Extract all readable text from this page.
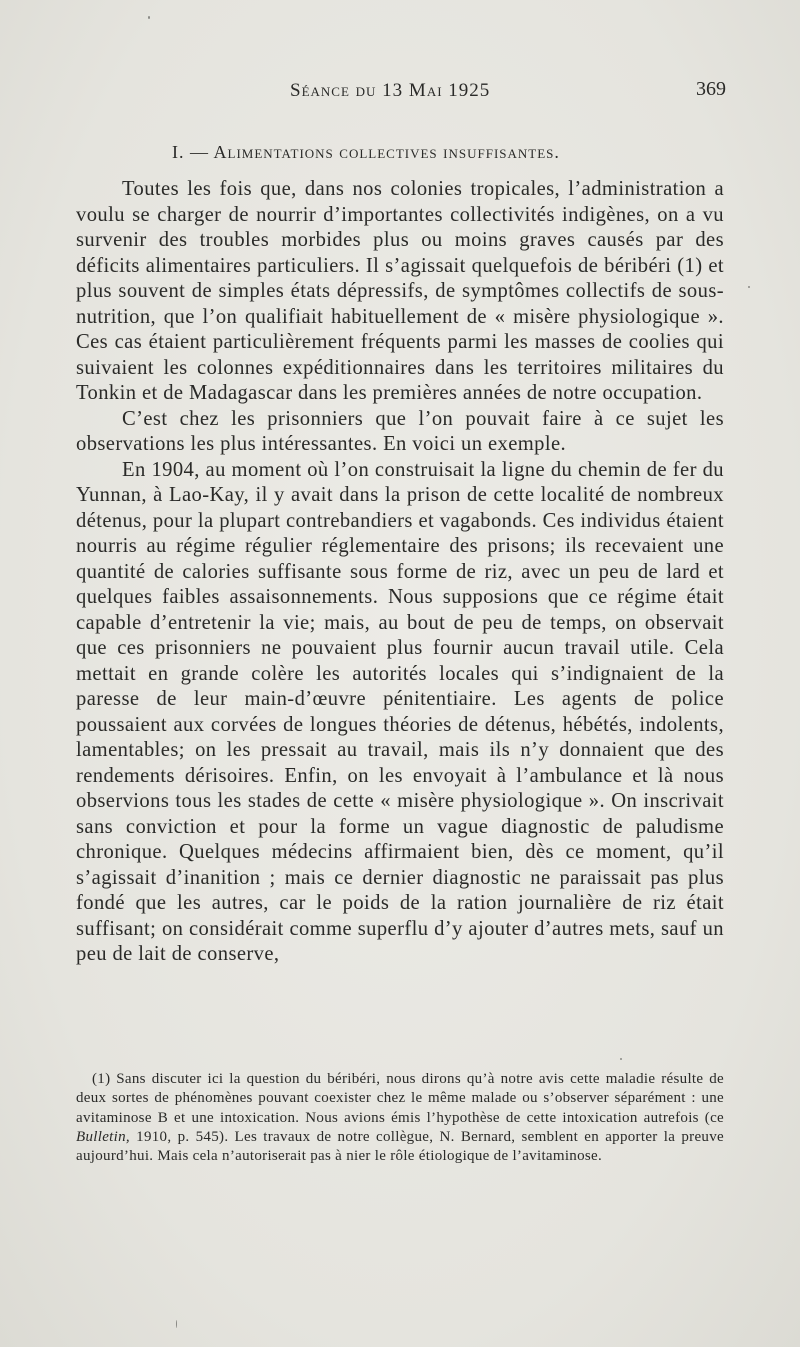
Séance du 13 Mai 1925	369
I. — Alimentations collectives insuffisantes.

Toutes les fois que, dans nos colonies tropicales, l’administration a voulu se charger de nourrir d’importantes collectivités indigènes, on a vu survenir des troubles morbides plus ou moins graves causés par des déficits alimentaires particuliers. Il s’agissait quelquefois de béribéri (1) et plus souvent de simples états dépressifs, de symptômes collectifs de sous-nutrition, que l’on qualifiait habituellement de « misère physiologique ». Ces cas étaient particulièrement fréquents parmi les masses de coolies qui suivaient les colonnes expéditionnaires dans les territoires militaires du Tonkin et de Madagascar dans les premières années de notre occupation.

C’est chez les prisonniers que l’on pouvait faire à ce sujet les observations les plus intéressantes. En voici un exemple.

En 1904, au moment où l’on construisait la ligne du chemin de fer du Yunnan, à Lao-Kay, il y avait dans la prison de cette localité de nombreux détenus, pour la plupart contrebandiers et vagabonds. Ces individus étaient nourris au régime régulier réglementaire des prisons; ils recevaient une quantité de calories suffisante sous forme de riz, avec un peu de lard et quelques faibles assaisonnements. Nous supposions que ce régime était capable d’entretenir la vie; mais, au bout de peu de temps, on observait que ces prisonniers ne pouvaient plus fournir aucun travail utile. Cela mettait en grande colère les autorités locales qui s’indignaient de la paresse de leur main-d’œuvre pénitentiaire. Les agents de police poussaient aux corvées de longues théories de détenus, hébétés, indolents, lamentables; on les pressait au travail, mais ils n’y donnaient que des rendements dérisoires. Enfin, on les envoyait à l’ambulance et là nous observions tous les stades de cette « misère physiologique ». On inscrivait sans conviction et pour la forme un vague diagnostic de paludisme chronique. Quelques médecins affirmaient bien, dès ce moment, qu’il s’agissait d’inanition ; mais ce dernier diagnostic ne paraissait pas plus fondé que les autres, car le poids de la ration journalière de riz était suffisant; on considérait comme superflu d’y ajouter d’autres mets, sauf un peu de lait de conserve,

(1) Sans discuter ici la question du béribéri, nous dirons qu’à notre avis cette maladie résulte de deux sortes de phénomènes pouvant coexister chez le même malade ou s’observer séparément : une avitaminose B et une intoxication. Nous avions émis l’hypothèse de cette intoxication autrefois (ce Bulletin, 1910, p. 545). Les travaux de notre collègue, N. Bernard, semblent en apporter la preuve aujourd’hui. Mais cela n’autoriserait pas à nier le rôle étiologique de l’avitaminose.
